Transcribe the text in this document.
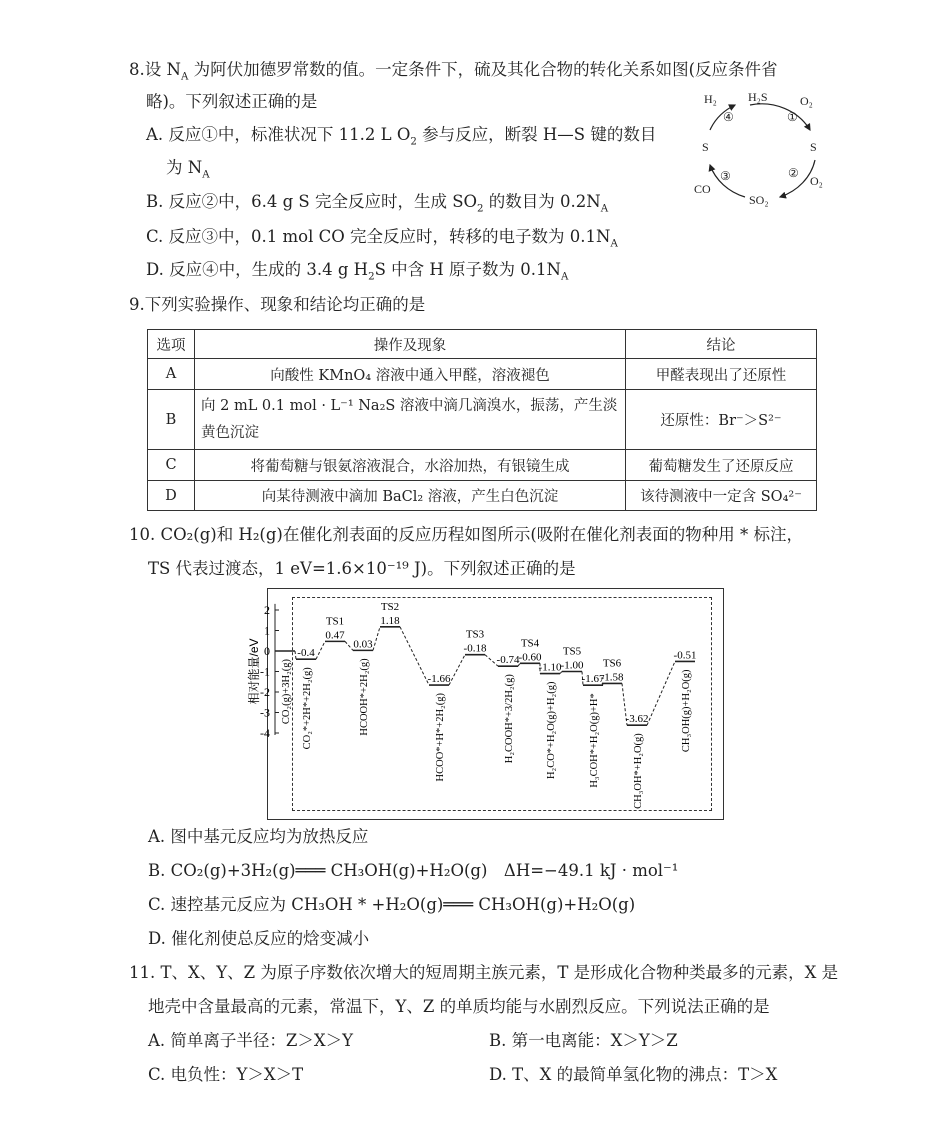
8.设 $N_A$ 为阿伏加德罗常数的值。一定条件下，硫及其化合物的转化关系如图(反应条件省
略)。下列叙述正确的是
A. 反应①中，标准状况下 11.2 L $O_2$ 参与反应，断裂 H—S 键的数目
为 $N_A$
B. 反应②中，6.4 g S 完全反应时，生成 $SO_2$ 的数目为 $0.2N_A$
C. 反应③中，0.1 mol CO 完全反应时，转移的电子数为 $0.1N_A$
D. 反应④中，生成的 3.4 g $H_2S$ 中含 H 原子数为 $0.1N_A$
H₂	H₂S	O₂
④	①
S	S
③	②
CO
SO₂
O₂
9.下列实验操作、现象和结论均正确的是
选项	操作及现象	结论
A	向酸性 KMnO₄ 溶液中通入甲醛，溶液褪色	甲醛表现出了还原性
B	向 2 mL 0.1 mol · L⁻¹ Na₂S 溶液中滴几滴溴水，振荡，产生淡黄色沉淀	还原性：Br⁻＞S²⁻
C	将葡萄糖与银氨溶液混合，水浴加热，有银镜生成	葡萄糖发生了还原反应
D	向某待测液中滴加 BaCl₂ 溶液，产生白色沉淀	该待测液中一定含 SO₄²⁻
10. CO₂(g)和 H₂(g)在催化剂表面的反应历程如图所示(吸附在催化剂表面的物种用 * 标注，
TS 代表过渡态，1 eV=1.6×10⁻¹⁹ J)。下列叙述正确的是
2
1
0
-1
-2
-3
-4
相对能量/eV CO₂(g)+3H₂(g)
-0.4
CO₂*+2H*+2H₂(g)
0.47
TS1
0.03
HCOOH*+2H₂(g)
1.18
TS2
-1.66
HCOO*+H*+2H₂(g)
-0.18
TS3
-0.74
H₂COOH*+3/2H₂(g)
-0.60
TS4
-1.10
H₂CO*+H₂O(g)+H₂(g)
-1.00
TS5
-1.67
H₃COH*+H₂O(g)+H*
-1.58
TS6
-3.62
CH₃OH*+H₂O(g)
-0.51
CH₃OH(g)+H₂O(g)
A. 图中基元反应均为放热反应
B. CO₂(g)+3H₂(g)═══ CH₃OH(g)+H₂O(g)　ΔH=−49.1 kJ · mol⁻¹
C. 速控基元反应为 CH₃OH * +H₂O(g)═══ CH₃OH(g)+H₂O(g)
D. 催化剂使总反应的焓变减小
11. T、X、Y、Z 为原子序数依次增大的短周期主族元素，T 是形成化合物种类最多的元素，X 是
地壳中含量最高的元素，常温下，Y、Z 的单质均能与水剧烈反应。下列说法正确的是
A. 简单离子半径：Z＞X＞Y	B. 第一电离能：X＞Y＞Z
C. 电负性：Y＞X＞T	D. T、X 的最简单氢化物的沸点：T＞X
